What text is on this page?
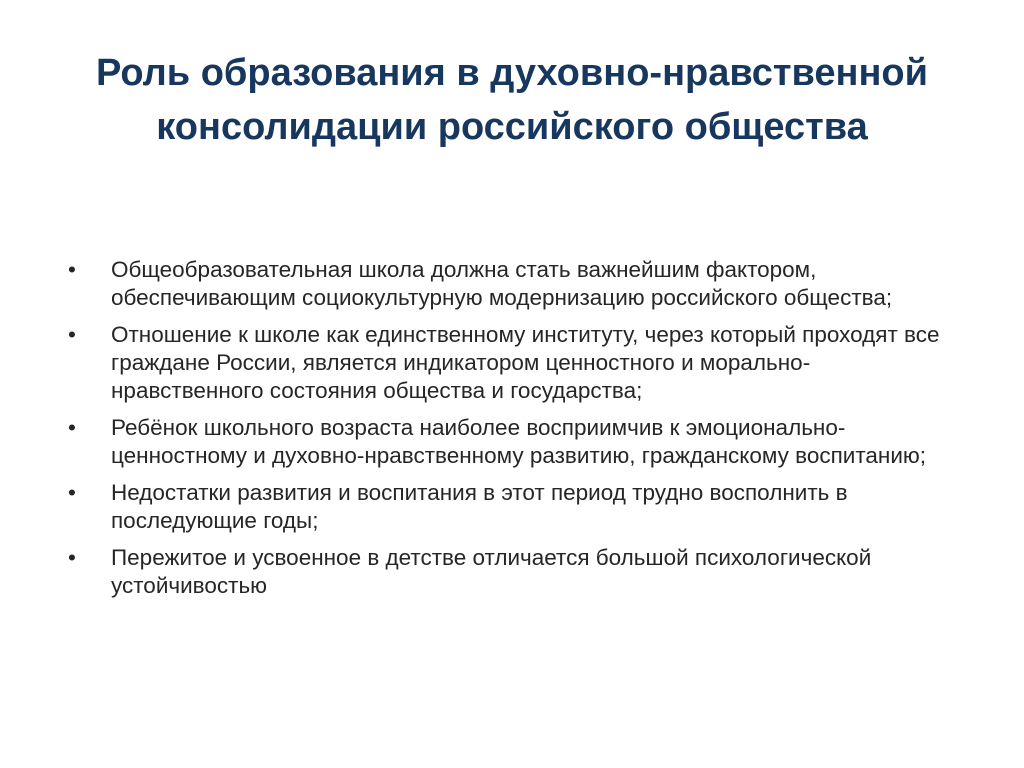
Роль образования в духовно-нравственной
консолидации российского общества
•	Общеобразовательная школа должна стать важнейшим фактором, обеспечивающим социокультурную модернизацию российского общества;
•	Отношение к школе как единственному институту, через который проходят все граждане России, является индикатором ценностного и морально-нравственного состояния общества и государства;
•	Ребёнок школьного возраста наиболее восприимчив к эмоционально-ценностному и духовно-нравственному развитию, гражданскому воспитанию;
•	Недостатки развития и воспитания в этот период трудно восполнить в последующие годы;
•	Пережитое и усвоенное в детстве отличается большой психологической устойчивостью
